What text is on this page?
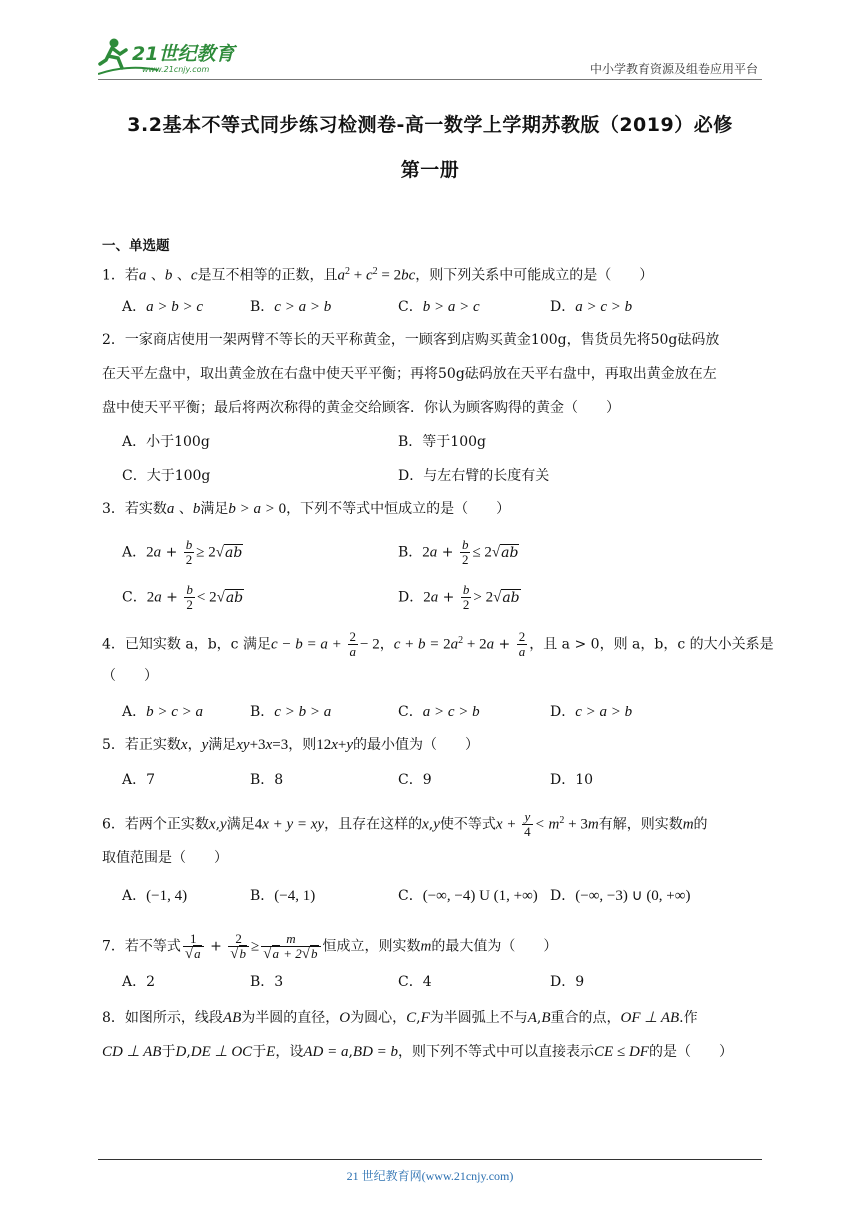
21世纪教育
www.21cnjy.com	中小学教育资源及组卷应用平台
3.2基本不等式同步练习检测卷-高一数学上学期苏教版（2019）必修
第一册
一、单选题
1．若a 、b 、c是互不相等的正数，且$a^2 + c^2 = 2bc$，则下列关系中可能成立的是（　　）
A．a > b > c	B．c > a > b	C．b > a > c	D．a > c > b
2．一家商店使用一架两臂不等长的天平称黄金，一顾客到店购买黄金100g，售货员先将50g砝码放
在天平左盘中，取出黄金放在右盘中使天平平衡；再将50g砝码放在天平右盘中，再取出黄金放在左
盘中使天平平衡；最后将两次称得的黄金交给顾客．你认为顾客购得的黄金（　　）
A．小于100g	B．等于100g
C．大于100g	D．与左右臂的长度有关
3．若实数a 、b满足b > a > 0，下列不等式中恒成立的是（　　）
A．$2a + \frac{b}{2} \ge 2√ab$	B．$2a + \frac{b}{2} \le 2√ab$
C．$2a + \frac{b}{2} < 2√ab$	D．$2a + \frac{b}{2} > 2√ab$
4．已知实数 a，b，c 满足$c - b = a + \frac{2}{a} - 2$，$c + b = 2a^2 + 2a + \frac{2}{a}$ ，且 a > 0，则 a，b，c 的大小关系是
（　　）
A．b > c > a	B．c > b > a	C．a > c > b	D．c > a > b
5．若正实数x，y满足xy+3x=3，则12x+y的最小值为（　　）
A．7	B．8	C．9	D．10
6．若两个正实数x,y满足4x + y = xy，且存在这样的x,y使不等式$x + \frac{y}{4} < m^2 + 3m$有解，则实数m的
取值范围是（　　）
A．(−1, 4)	B．(−4, 1)	C．(−∞, −4) U (1, +∞) D．(−∞, −3) ∪ (0, +∞)
7．若不等式 $\frac{1}{√a} + \frac{2}{√b} \ge \frac{m}{√a + 2√b}$ 恒成立，则实数m的最大值为（　　）
A．2	B．3	C．4	D．9
8．如图所示，线段AB为半圆的直径，O为圆心，C,F为半圆弧上不与A,B重合的点，OF ⊥ AB.作
CD ⊥ AB于D,DE ⊥ OC于E，设AD = a,BD = b，则下列不等式中可以直接表示CE ≤ DF的是（　　）
21 世纪教育网(www.21cnjy.com)
